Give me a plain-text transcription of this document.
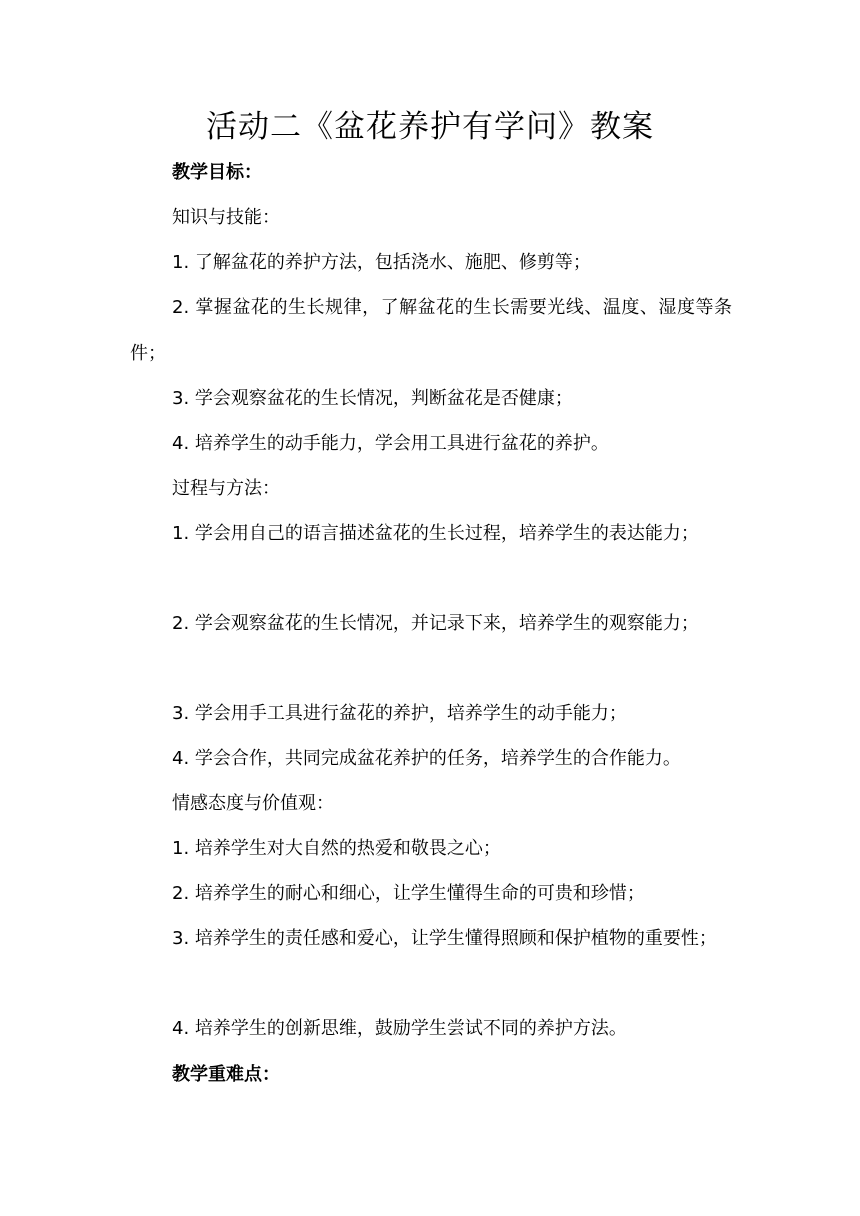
活动二《盆花养护有学问》教案

教学目标：

知识与技能：

1. 了解盆花的养护方法，包括浇水、施肥、修剪等；

2. 掌握盆花的生长规律，了解盆花的生长需要光线、温度、湿度等条件；

3. 学会观察盆花的生长情况，判断盆花是否健康；

4. 培养学生的动手能力，学会用工具进行盆花的养护。

过程与方法：

1. 学会用自己的语言描述盆花的生长过程，培养学生的表达能力；

2. 学会观察盆花的生长情况，并记录下来，培养学生的观察能力；

3. 学会用手工具进行盆花的养护，培养学生的动手能力；

4. 学会合作，共同完成盆花养护的任务，培养学生的合作能力。

情感态度与价值观：

1. 培养学生对大自然的热爱和敬畏之心；

2. 培养学生的耐心和细心，让学生懂得生命的可贵和珍惜；

3. 培养学生的责任感和爱心，让学生懂得照顾和保护植物的重要性；

4. 培养学生的创新思维，鼓励学生尝试不同的养护方法。

教学重难点：
